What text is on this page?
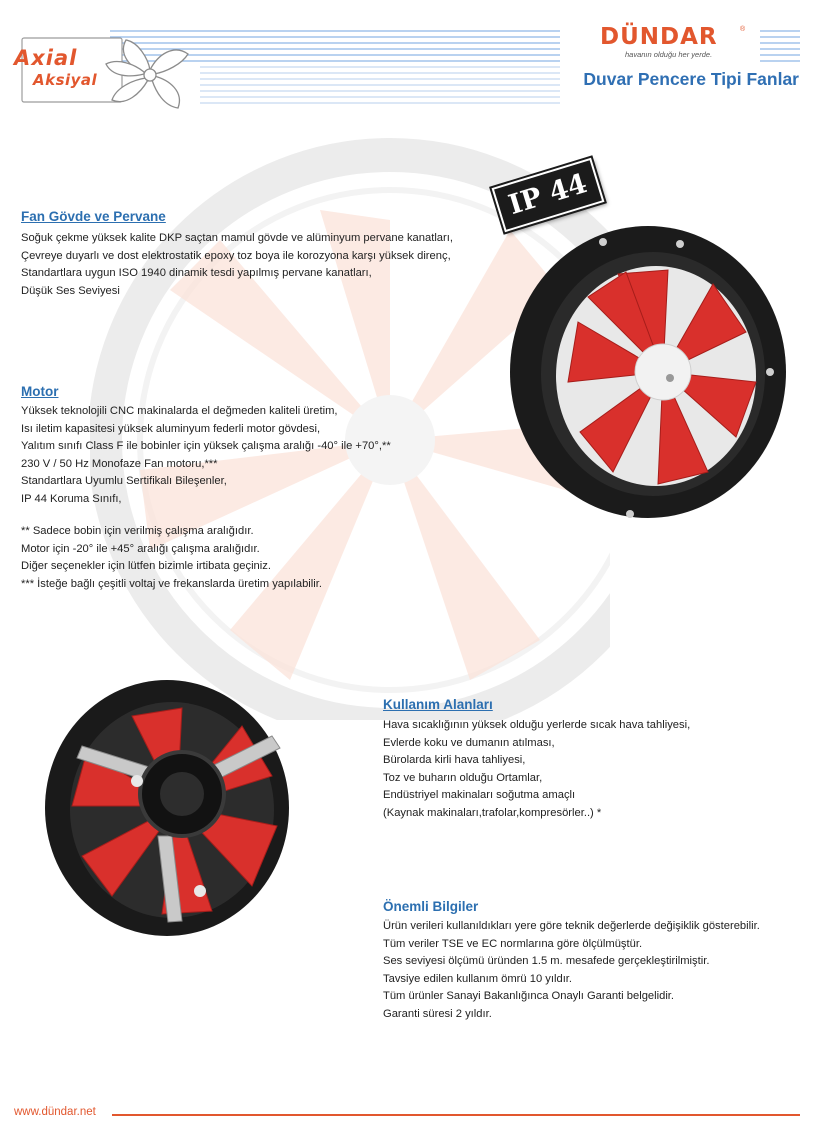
Axial
Aksiyal
DÜNDAR	®
havanın olduğu her yerde.
Duvar Pencere Tipi Fanlar
IP 44
Fan Gövde ve Pervane
Soğuk çekme yüksek kalite DKP saçtan mamul gövde ve alüminyum pervane kanatları,
Çevreye duyarlı ve dost elektrostatik epoxy toz boya ile korozyona karşı yüksek direnç,
Standartlara uygun ISO 1940 dinamik tesdi yapılmış pervane kanatları,
Düşük Ses Seviyesi
Motor
Yüksek teknolojili CNC makinalarda el değmeden kaliteli üretim,
Isı iletim kapasitesi yüksek aluminyum federli motor gövdesi,
Yalıtım sınıfı Class F ile bobinler için yüksek çalışma aralığı -40° ile +70°,**
230 V / 50 Hz Monofaze Fan motoru,***
Standartlara Uyumlu Sertifikalı Bileşenler,
IP 44 Koruma Sınıfı,
** Sadece bobin için verilmiş çalışma aralığıdır.
Motor için -20° ile +45° aralığı çalışma aralığıdır.
Diğer seçenekler için lütfen bizimle irtibata geçiniz.
*** İsteğe bağlı çeşitli voltaj ve frekanslarda üretim yapılabilir.
Kullanım Alanları
Hava sıcaklığının yüksek olduğu yerlerde sıcak hava tahliyesi,
Evlerde koku ve dumanın atılması,
Bürolarda kirli hava tahliyesi,
Toz ve buharın olduğu Ortamlar,
Endüstriyel makinaları soğutma amaçlı
(Kaynak makinaları,trafolar,kompresörler..) *
Önemli Bilgiler
Ürün verileri kullanıldıkları yere göre teknik değerlerde değişiklik gösterebilir.
Tüm veriler TSE ve EC normlarına göre ölçülmüştür.
Ses seviyesi ölçümü üründen 1.5 m. mesafede gerçekleştirilmiştir.
Tavsiye edilen kullanım ömrü 10 yıldır.
Tüm ürünler Sanayi Bakanlığınca Onaylı Garanti belgelidir.
Garanti süresi 2 yıldır.
www.dündar.net
